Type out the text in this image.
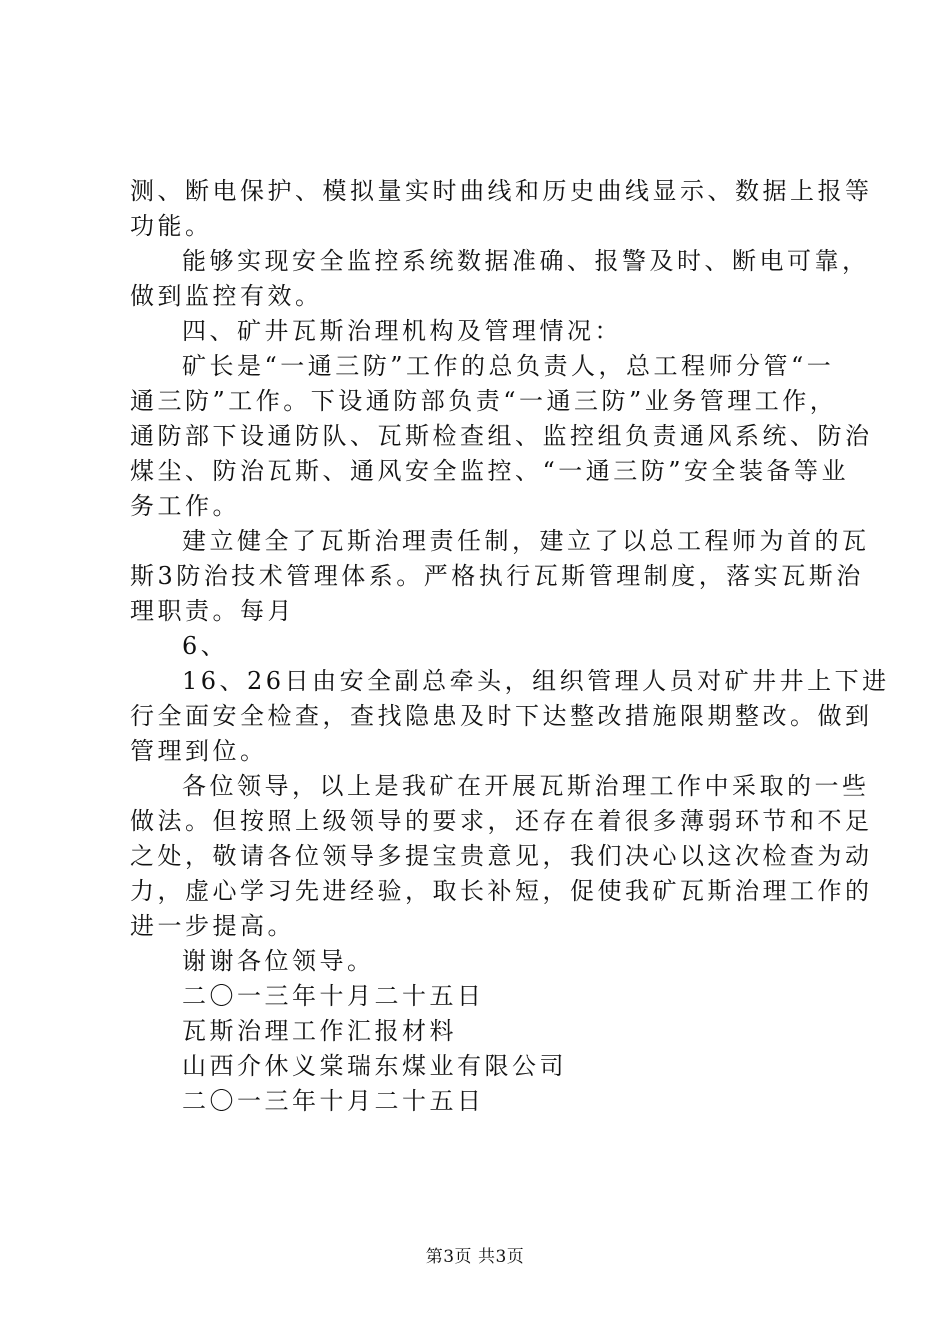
测、断电保护、模拟量实时曲线和历史曲线显示、数据上报等
功能。
能够实现安全监控系统数据准确、报警及时、断电可靠，
做到监控有效。
四、矿井瓦斯治理机构及管理情况：
矿长是“一通三防”工作的总负责人，总工程师分管“一
通三防”工作。下设通防部负责“一通三防”业务管理工作，
通防部下设通防队、瓦斯检查组、监控组负责通风系统、防治
煤尘、防治瓦斯、通风安全监控、“一通三防”安全装备等业
务工作。
建立健全了瓦斯治理责任制，建立了以总工程师为首的瓦
斯3防治技术管理体系。严格执行瓦斯管理制度，落实瓦斯治
理职责。每月
6、
16、26日由安全副总牵头，组织管理人员对矿井井上下进
行全面安全检查，查找隐患及时下达整改措施限期整改。做到
管理到位。
各位领导，以上是我矿在开展瓦斯治理工作中采取的一些
做法。但按照上级领导的要求，还存在着很多薄弱环节和不足
之处，敬请各位领导多提宝贵意见，我们决心以这次检查为动
力，虚心学习先进经验，取长补短，促使我矿瓦斯治理工作的
进一步提高。
谢谢各位领导。
二〇一三年十月二十五日
瓦斯治理工作汇报材料
山西介休义棠瑞东煤业有限公司
二〇一三年十月二十五日
第3页 共3页
